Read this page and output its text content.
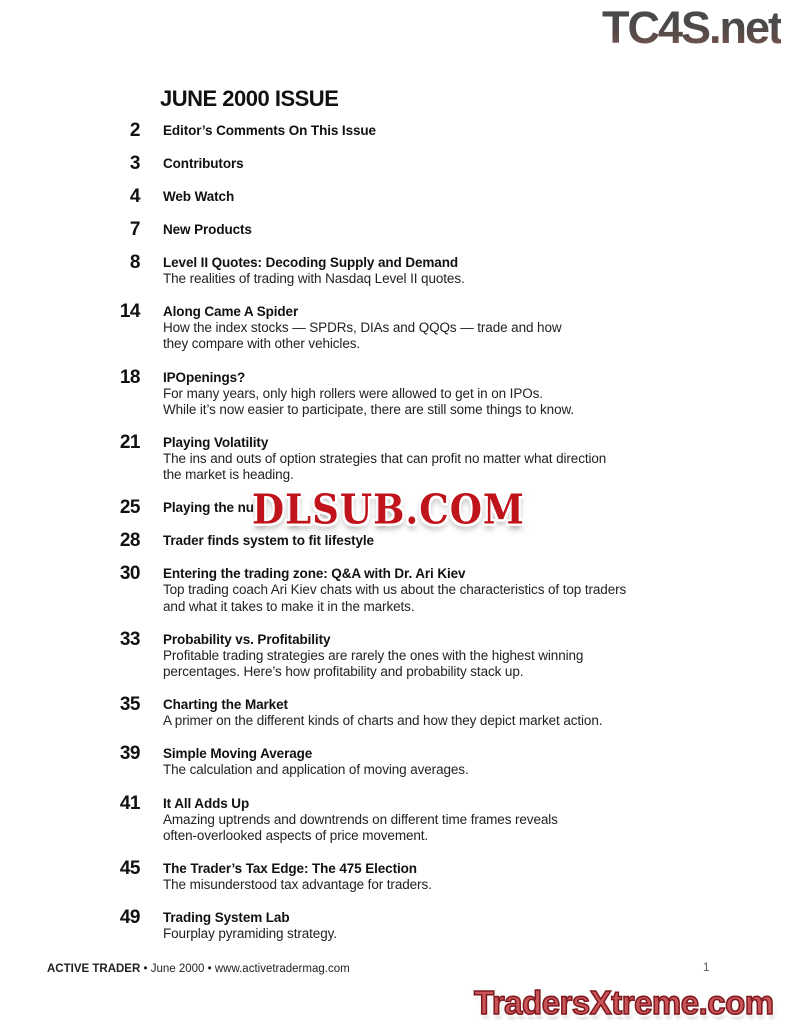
TC4S.net
JUNE 2000 ISSUE
2 Editor’s Comments On This Issue
3 Contributors
4 Web Watch
7 New Products
8 Level II Quotes: Decoding Supply and Demand
The realities of trading with Nasdaq Level II quotes.
14 Along Came A Spider
How the index stocks — SPDRs, DIAs and QQQs — trade and how
they compare with other vehicles.
18 IPOpenings?
For many years, only high rollers were allowed to get in on IPOs.
While it’s now easier to participate, there are still some things to know.
21 Playing Volatility
The ins and outs of option strategies that can profit no matter what direction
the market is heading.
25 Playing the nu
28 Trader finds system to fit lifestyle
30 Entering the trading zone: Q&A with Dr. Ari Kiev
Top trading coach Ari Kiev chats with us about the characteristics of top traders
and what it takes to make it in the markets.
33 Probability vs. Profitability
Profitable trading strategies are rarely the ones with the highest winning
percentages. Here’s how profitability and probability stack up.
35 Charting the Market
A primer on the different kinds of charts and how they depict market action.
39 Simple Moving Average
The calculation and application of moving averages.
41 It All Adds Up
Amazing uptrends and downtrends on different time frames reveals
often-overlooked aspects of price movement.
45 The Trader’s Tax Edge: The 475 Election
The misunderstood tax advantage for traders.
49 Trading System Lab
Fourplay pyramiding strategy.
DLSUB.COM
ACTIVE TRADER • June 2000 • www.activetradermag.com	1
TradersXtreme.com
